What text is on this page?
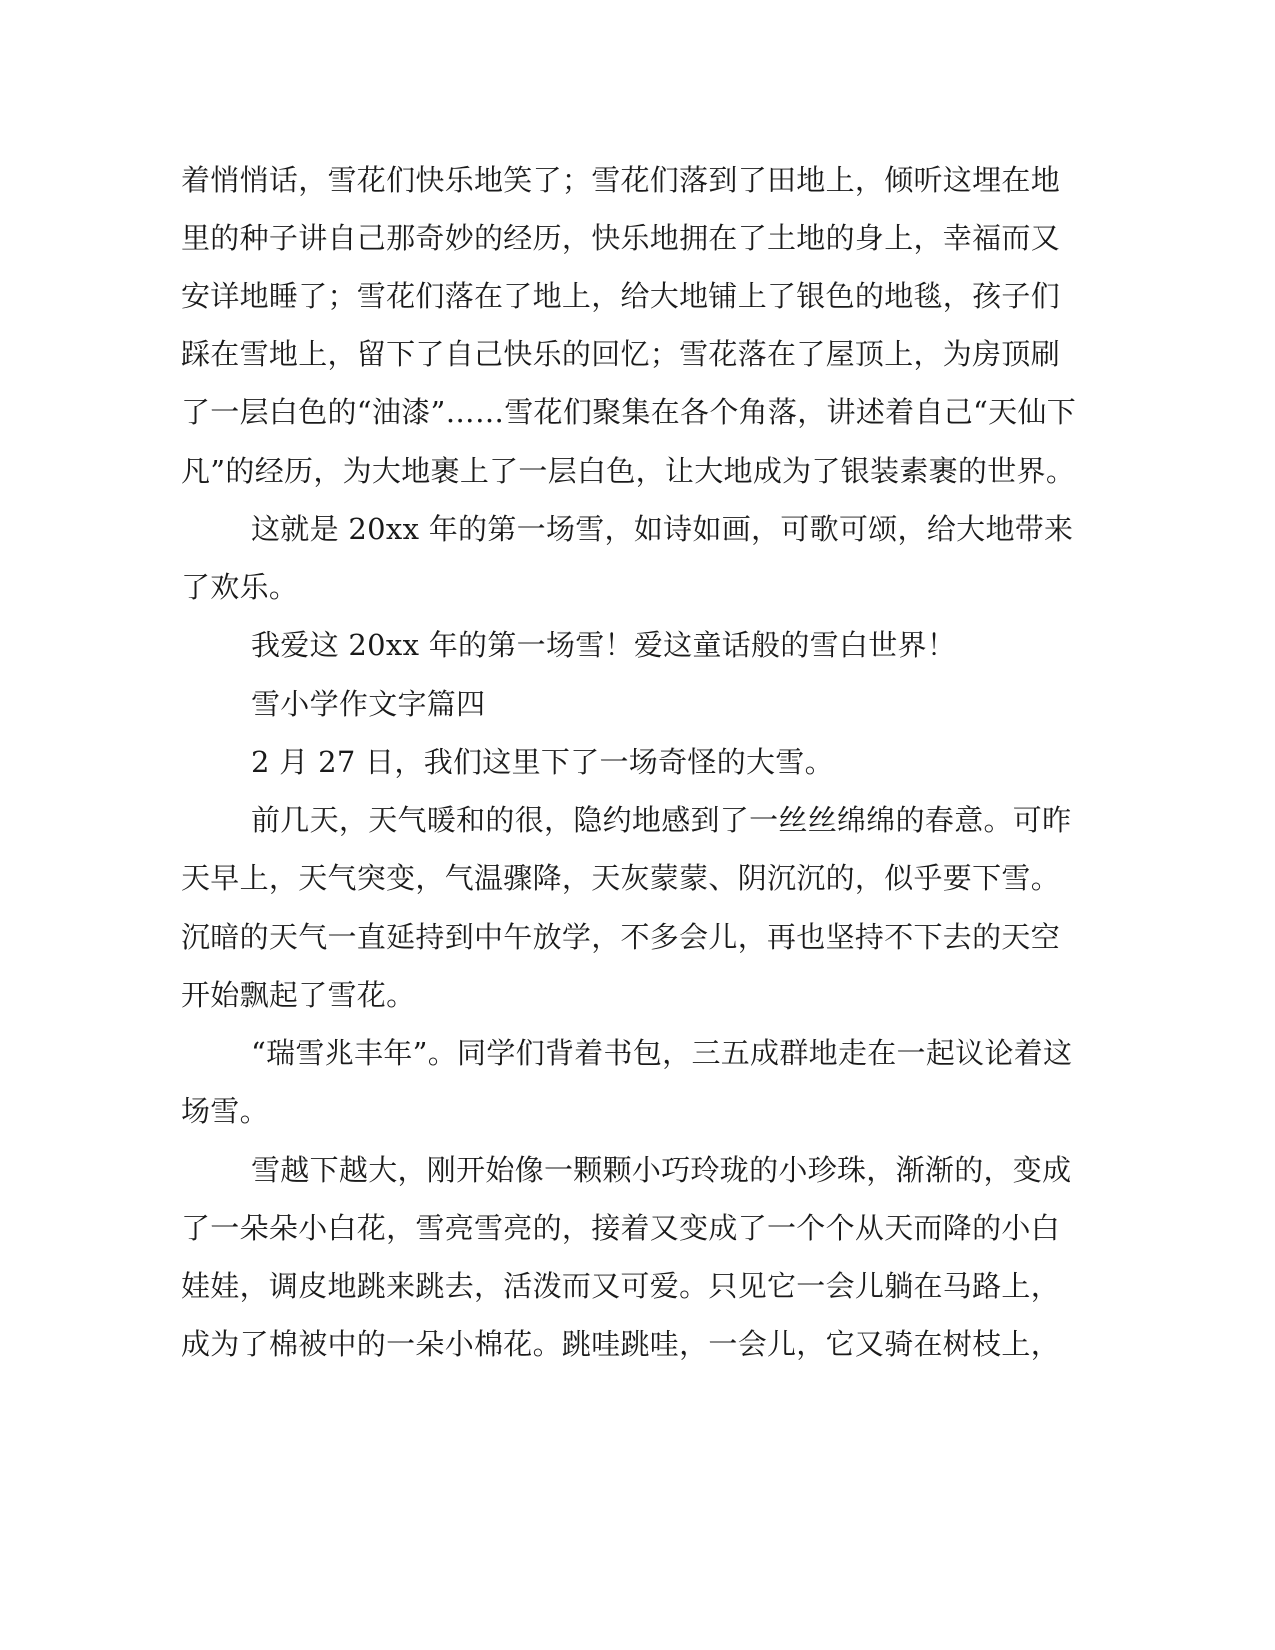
着悄悄话，雪花们快乐地笑了；雪花们落到了田地上，倾听这埋在地
里的种子讲自己那奇妙的经历，快乐地拥在了土地的身上，幸福而又
安详地睡了；雪花们落在了地上，给大地铺上了银色的地毯，孩子们
踩在雪地上，留下了自己快乐的回忆；雪花落在了屋顶上，为房顶刷
了一层白色的“油漆”……雪花们聚集在各个角落，讲述着自己“天仙下
凡”的经历，为大地裹上了一层白色，让大地成为了银装素裹的世界。
这就是 20xx 年的第一场雪，如诗如画，可歌可颂，给大地带来
了欢乐。
我爱这 20xx 年的第一场雪！爱这童话般的雪白世界！
雪小学作文字篇四
2 月 27 日，我们这里下了一场奇怪的大雪。
前几天，天气暖和的很，隐约地感到了一丝丝绵绵的春意。可昨
天早上，天气突变，气温骤降，天灰蒙蒙、阴沉沉的，似乎要下雪。
沉暗的天气一直延持到中午放学，不多会儿，再也坚持不下去的天空
开始飘起了雪花。
“瑞雪兆丰年”。同学们背着书包，三五成群地走在一起议论着这
场雪。
雪越下越大，刚开始像一颗颗小巧玲珑的小珍珠，渐渐的，变成
了一朵朵小白花，雪亮雪亮的，接着又变成了一个个从天而降的小白
娃娃，调皮地跳来跳去，活泼而又可爱。只见它一会儿躺在马路上，
成为了棉被中的一朵小棉花。跳哇跳哇，一会儿，它又骑在树枝上，
